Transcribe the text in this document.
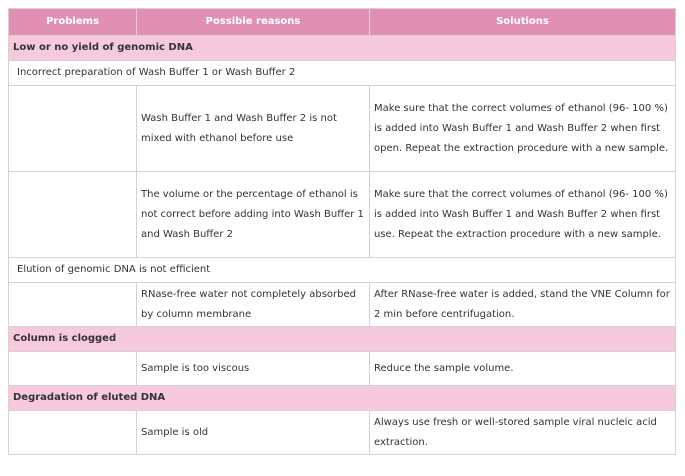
Problems	Possible reasons	Solutions
Low or no yield of genomic DNA		
Incorrect preparation of Wash Buffer 1 or Wash Buffer 2		
	Wash Buffer 1 and Wash Buffer 2 is not mixed with ethanol before use	Make sure that the correct volumes of ethanol (96- 100 %) is added into Wash Buffer 1 and Wash Buffer 2 when first open. Repeat the extraction procedure with a new sample.
	The volume or the percentage of ethanol is not correct before adding into Wash Buffer 1 and Wash Buffer 2	Make sure that the correct volumes of ethanol (96- 100 %) is added into Wash Buffer 1 and Wash Buffer 2 when first use. Repeat the extraction procedure with a new sample.
Elution of genomic DNA is not efficient		
	RNase-free water not completely absorbed by column membrane	After RNase-free water is added, stand the VNE Column for 2 min before centrifugation.
Column is clogged		
	Sample is too viscous	Reduce the sample volume.
Degradation of eluted DNA		
	Sample is old	Always use fresh or well-stored sample viral nucleic acid extraction.
